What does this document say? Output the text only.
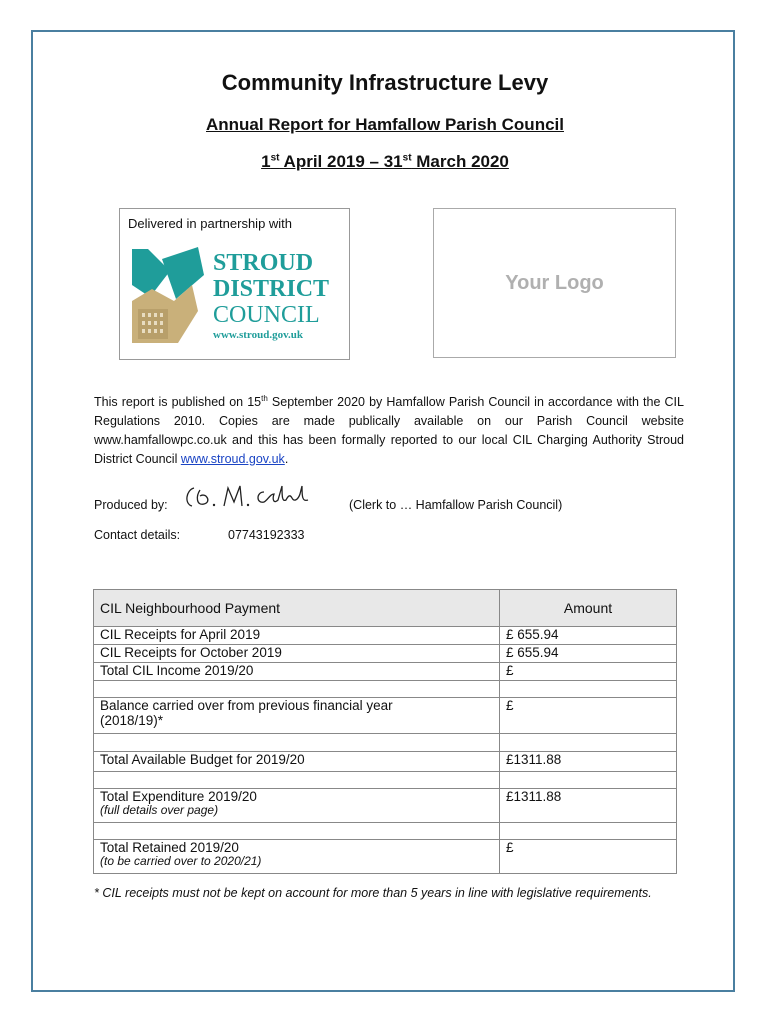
Community Infrastructure Levy
Annual Report for Hamfallow Parish Council
1st April 2019 – 31st March 2020
Delivered in partnership with
STROUD
DISTRICT
COUNCIL
www.stroud.gov.uk
Your Logo
This report is published on 15th September 2020 by Hamfallow Parish Council in accordance with the CIL Regulations 2010. Copies are made publically available on our Parish Council website www.hamfallowpc.co.uk and this has been formally reported to our local CIL Charging Authority Stroud District Council www.stroud.gov.uk.
Produced by:	(Clerk to … Hamfallow Parish Council)
Contact details:	07743192333
CIL Neighbourhood Payment	Amount
CIL Receipts for April 2019	£ 655.94
CIL Receipts for October 2019	£ 655.94
Total CIL Income 2019/20	£

Balance carried over from previous financial year (2018/19)*	£

Total Available Budget for 2019/20	£1311.88

Total Expenditure 2019/20
(full details over page)	£1311.88

Total Retained 2019/20
(to be carried over to 2020/21)	£
* CIL receipts must not be kept on account for more than 5 years in line with legislative requirements.
